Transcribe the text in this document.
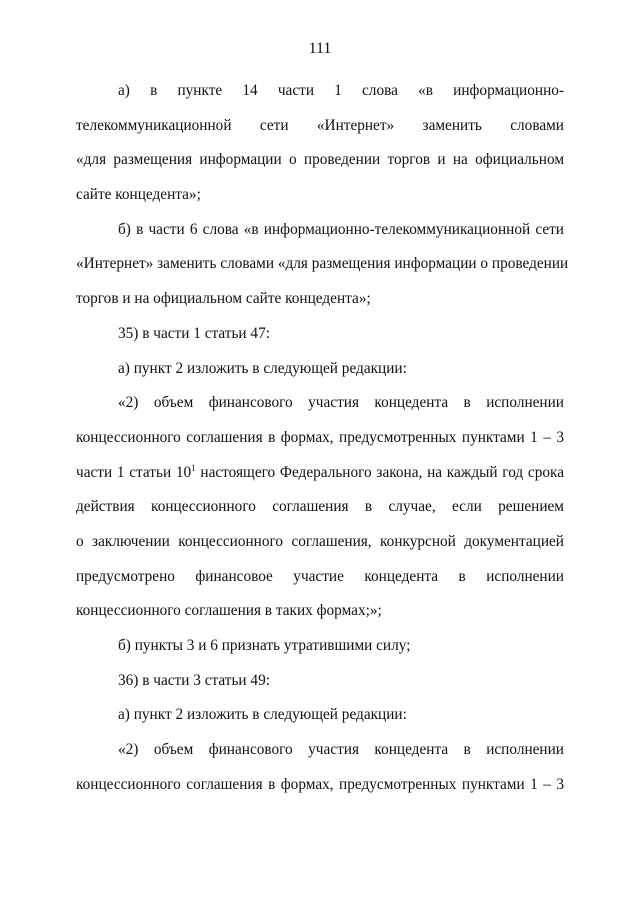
111
а) в пункте 14 части 1 слова «в информационно-
телекоммуникационной сети «Интернет» заменить словами
«для размещения информации о проведении торгов и на официальном
сайте концедента»;
б) в части 6 слова «в информационно-телекоммуникационной сети
«Интернет» заменить словами «для размещения информации о проведении
торгов и на официальном сайте концедента»;
35) в части 1 статьи 47:
а) пункт 2 изложить в следующей редакции:
«2) объем финансового участия концедента в исполнении
концессионного соглашения в формах, предусмотренных пунктами 1 – 3
части 1 статьи $10^1$ настоящего Федерального закона, на каждый год срока
действия концессионного соглашения в случае, если решением
о заключении концессионного соглашения, конкурсной документацией
предусмотрено финансовое участие концедента в исполнении
концессионного соглашения в таких формах;»;
б) пункты 3 и 6 признать утратившими силу;
36) в части 3 статьи 49:
а) пункт 2 изложить в следующей редакции:
«2) объем финансового участия концедента в исполнении
концессионного соглашения в формах, предусмотренных пунктами 1 – 3
